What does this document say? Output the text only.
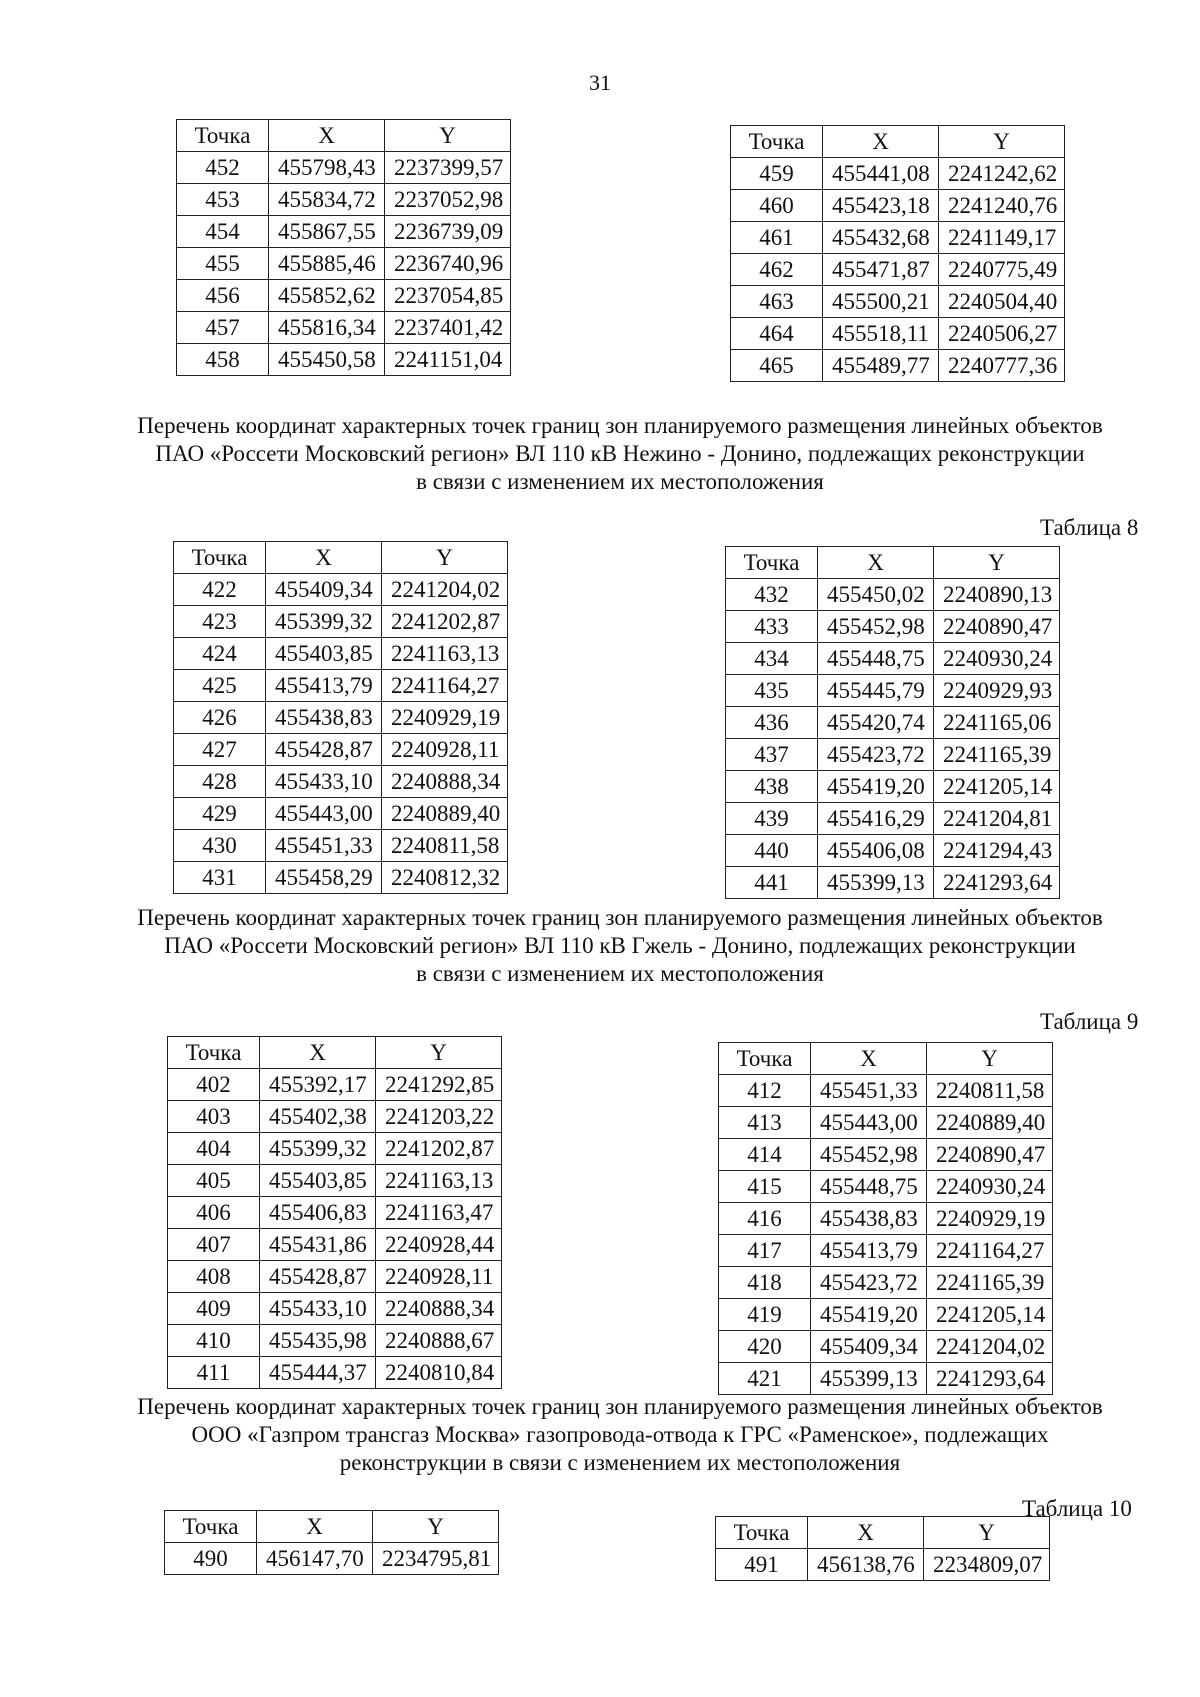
31
Точка	X	Y
452	455798,43	2237399,57
453	455834,72	2237052,98
454	455867,55	2236739,09
455	455885,46	2236740,96
456	455852,62	2237054,85
457	455816,34	2237401,42
458	455450,58	2241151,04
Точка	X	Y
459	455441,08	2241242,62
460	455423,18	2241240,76
461	455432,68	2241149,17
462	455471,87	2240775,49
463	455500,21	2240504,40
464	455518,11	2240506,27
465	455489,77	2240777,36
Перечень координат характерных точек границ зон планируемого размещения линейных объектов
ПАО «Россети Московский регион» ВЛ 110 кВ Нежино - Донино, подлежащих реконструкции
в связи с изменением их местоположения
Таблица 8
Точка	X	Y
422	455409,34	2241204,02
423	455399,32	2241202,87
424	455403,85	2241163,13
425	455413,79	2241164,27
426	455438,83	2240929,19
427	455428,87	2240928,11
428	455433,10	2240888,34
429	455443,00	2240889,40
430	455451,33	2240811,58
431	455458,29	2240812,32
Точка	X	Y
432	455450,02	2240890,13
433	455452,98	2240890,47
434	455448,75	2240930,24
435	455445,79	2240929,93
436	455420,74	2241165,06
437	455423,72	2241165,39
438	455419,20	2241205,14
439	455416,29	2241204,81
440	455406,08	2241294,43
441	455399,13	2241293,64
Перечень координат характерных точек границ зон планируемого размещения линейных объектов
ПАО «Россети Московский регион» ВЛ 110 кВ Гжель - Донино, подлежащих реконструкции
в связи с изменением их местоположения
Таблица 9
Точка	X	Y
402	455392,17	2241292,85
403	455402,38	2241203,22
404	455399,32	2241202,87
405	455403,85	2241163,13
406	455406,83	2241163,47
407	455431,86	2240928,44
408	455428,87	2240928,11
409	455433,10	2240888,34
410	455435,98	2240888,67
411	455444,37	2240810,84
Точка	X	Y
412	455451,33	2240811,58
413	455443,00	2240889,40
414	455452,98	2240890,47
415	455448,75	2240930,24
416	455438,83	2240929,19
417	455413,79	2241164,27
418	455423,72	2241165,39
419	455419,20	2241205,14
420	455409,34	2241204,02
421	455399,13	2241293,64
Перечень координат характерных точек границ зон планируемого размещения линейных объектов
ООО «Газпром трансгаз Москва» газопровода-отвода к ГРС «Раменское», подлежащих
реконструкции в связи с изменением их местоположения
Таблица 10
Точка	X	Y
490	456147,70	2234795,81
Точка	X	Y
491	456138,76	2234809,07
